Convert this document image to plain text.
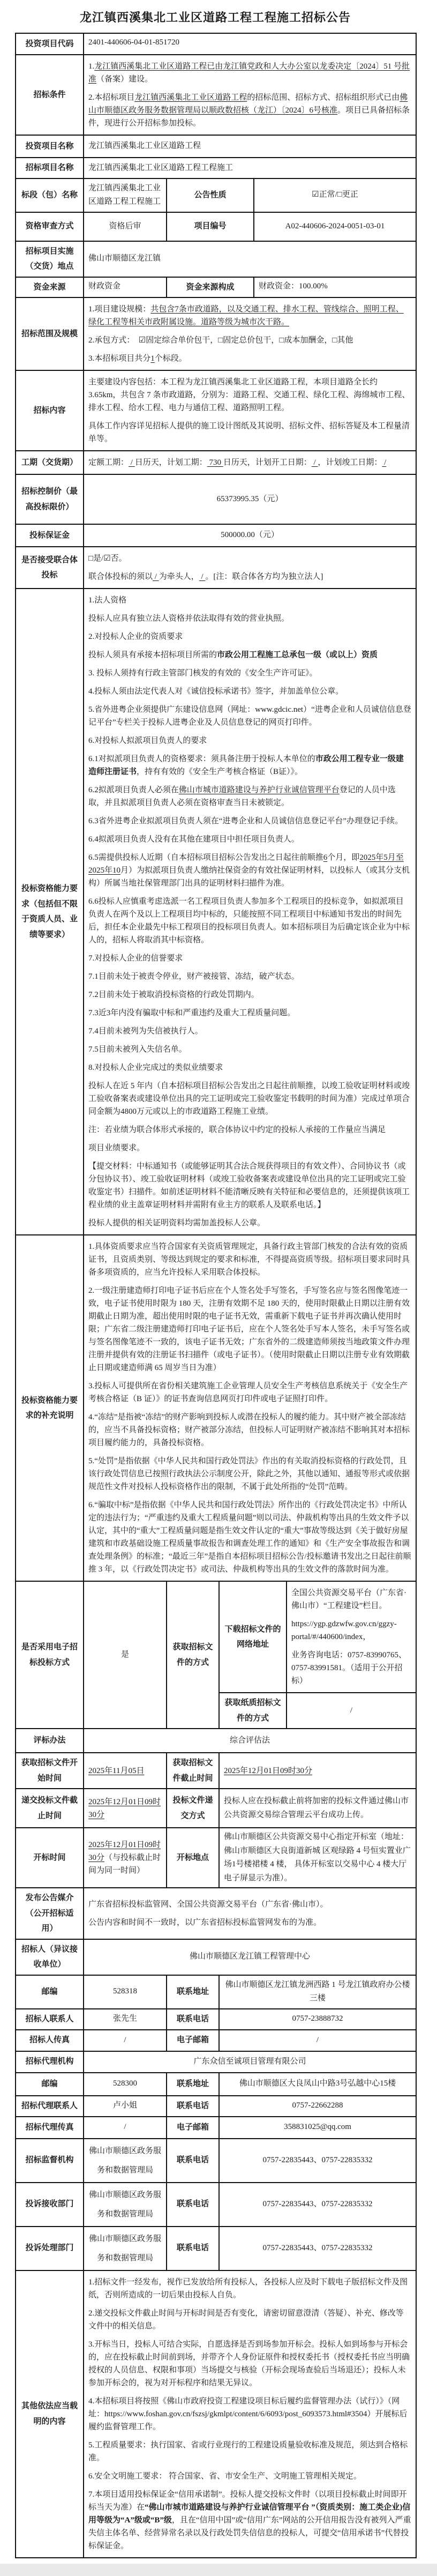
龙江镇西溪集北工业区道路工程工程施工招标公告
投资项目代码	2401-440606-04-01-851720				
招标条件	1.龙江镇西溪集北工业区道路工程已由龙江镇党政和人大办公室以龙委决定〔2024〕51 号批准（备案）建设。

2.本招标项目龙江镇西溪集北工业区道路工程的招标范围、招标方式、招标组织形式已由佛山市顺德区政务服务数据管理局以顺政数招核（龙江）〔2024〕6号核准。项目已具备招标条件，现进行公开招标参加投标。				

投资项目名称	龙江镇西溪集北工业区道路工程				
招标项目名称	龙江镇西溪集北工业区道路工程工程施工				
标段（包）名称	龙江镇西溪集北工业区道路工程工程施工	公告性质		☑正常/□更正	
资格审查方式	资格后审	项目编号		A02-440606-2024-0051-03-01	
招标项目实施（交货）地点	佛山市顺德区龙江镇				
资金来源	财政资金	资金来源构成		财政资金：100.00%	
招标范围及规模	1.项目建设规模：共包含7条市政道路，以及交通工程、排水工程、管线综合、照明工程、绿化工程等相关市政附属设施。道路等级为城市次干路。

2.承包方式：　☑固定综合单价包干，□固定总价包干，□成本加酬金，□其他

3.本招标项目共分1个标段。				

招标内容	主要建设内容包括：本工程为龙江镇西溪集北工业区道路工程，本项目道路全长约 3.65km，共包含 7 条市政道路，分别为：道路工程、交通工程、绿化工程、海绵城市工程、排水工程、给水工程、电力与通信工程、道路照明工程。

具体工作内容详见招标人提供的施工设计图纸及其说明、招标文件、招标答疑及本工程量清单等。				

工期（交货期）	定额工期： / 日历天，计划工期： 730 日历天，计划开工日期： / ，计划竣工日期： /				

招标控制价（最高投标限价）	65373995.35（元）				
投标保证金	500000.00（元）				
是否接受联合体投标	□是/☑否。

联合体投标的须以 / 为牵头人， / 。[注：联合体各方均为独立法人]				

投标资格能力要求（包括但不限于资质人员、业绩等要求）	

1.法人资格

投标人应具有独立法人资格并依法取得有效的营业执照。

2.对投标人企业的资质要求

投标人须具有承接本招标项目所需的市政公用工程施工总承包一级（或以上）资质

3. 投标人须持有行政主管部门核发的有效的《安全生产许可证》。

4.投标人须由法定代表人对《诚信投标承诺书》签字，并加盖单位公章。

5.省外进粤企业须提供广东建设信息网（网址：www.gdcic.net）“进粤企业和人员诚信信息登记平台”专栏关于投标人进粤企业及人员信息登记的网页打印件。

6.对投标人拟派项目负责人的要求

6.1对拟派项目负责人的资格要求：须具备注册于投标人本单位的市政公用工程专业一级建造师注册证书，持有有效的《安全生产考核合格证（B证）》。

6.2拟派项目负责人必须在佛山市城市道路建设与养护行业诚信管理平台登记的人员中选取，并且拟派项目负责人必须在资格审查当日未被锁定。

6.3省外进粤企业拟派项目负责人须在“进粤企业和人员诚信信息登记平台”办理登记手续。

6.4拟派项目负责人没有在其他在建项目中担任项目负责人。

6.5需提供投标人近期（自本招标项目招标公告发出之日起往前顺推6个月，即2025年5月至2025年10月）为拟派项目负责人缴纳社保资金的有效社保证明材料，以投标人（或其分支机构）所属当地社保管理部门出具的证明材料扫描件为准。

6.6投标人应慎重考虑选派一名工程项目负责人参加多个工程项目的投标竞争，如拟派项目负责人在两个及以上工程项目均中标的，只能按照不同工程项目中标通知书发出的时间先后，担任本企业最先中标工程项目的投标项目负责人。如本招标项目为后确定该企业为中标人的，招标人将取消其中标资格。

7.对投标人企业的信誉要求

7.1目前未处于被责令停业，财产被接管、冻结，破产状态。

7.2目前未处于被取消投标资格的行政处罚期内。

7.3近3年内没有骗取中标和严重违约及重大工程质量问题。

7.4目前未被列为失信被执行人。

7.5目前未被列入失信名单。

8.对投标人企业完成过的类似业绩要求

投标人在近 5 年内（自本招标项目招标公告发出之日起往前顺推，以竣工验收证明材料或竣工验收备案表或建设单位出具的完工证明或完工验收鉴定书载明的时间为准）完成过单项合同金额为4800万元或以上的市政道路工程施工业绩。

注：若业绩为联合体形式承接的，联合体协议中约定的投标人承接的工作量应当满足

项目业绩要求。

【提交材料：中标通知书（或能够证明其合法合规获得项目的有效文件）、合同协议书（或分包协议书）、竣工验收证明材料（或竣工验收备案表或建设单位出具的完工证明或完工验收鉴定书）扫描件。如前述证明材料不能清晰反映有关特征和必要信息的，还须提供该项工程业绩的业主盖章证明材料并需附有业主方的联系人及联系电话。】

投标人提供的相关证明资料均需加盖投标人公章。

投标资格能力要求的补充说明	

1.具体资质要求应当符合国家有关资质管理规定，具备行政主管部门核发的合法有效的资质证书，且资质类别、等级达到规定的要求和标准，不得提高资质等级。招标项目要求同时具备多项资质的，应当允许投标人采用联合体投标。

2.一级注册建造师打印电子证书后应在个人签名处手写签名，手写签名应与签名图像笔迹一致，电子证书使用时限为 180 天，注册有效期不足 180 天的，使用时限截止日期以注册有效期截止日期为准，超出使用时限的电子证书无效，需重新下载电子证书并再次确认使用时限；广东省二级注册建造师打印电子证书后，应在个人签名处手写本人签名，未手写签名或与签名图像笔迹不一致的，该电子证书无效；广东省外的二级建造师须按当地政策文件办理注册并提供有效的注册证书扫描件（或电子证书）。（使用时限截止日期以注册专业有效期截止日期或建造师满 65 周岁当日为准）

3.投标人可提供所在省份相关建筑施工企业管理人员安全生产考核信息系统关于《安全生产考核合格证（B 证）》的证书查询信息网页打印件或电子证照打印件。

4.“冻结”是指被“冻结”的财产影响到投标人或潜在投标人的履约能力。其中财产被全部冻结的，应当不具备投标资格；财产被部分冻结，但投标人可证明财产被冻结不影响其对本招标项目履约能力的，具备投标资格。

5.“处罚”是指依据《中华人民共和国行政处罚法》作出的有关取消投标资格的行政处罚，且该行政处罚信息已按照行政执法公示制度公开，除此之外，其他以通知、通报等形式或依据规范性文件对投标人投标资格作出的限制，不属于此处所指的“处罚”范畴。

6.“骗取中标”是指依据《中华人民共和国行政处罚法》所作出的《行政处罚决定书》中所认定的违法行为；“严重违约及重大工程质量问题”则以司法、仲裁机构等出具的生效文件予以认定，其中的“重大”工程质量问题是指生效文件认定的“重大”事故等级达到《关于做好房屋建筑和市政基础设施工程质量事故报告和调查处理工作的通知》和《生产安全事故报告和调查处理条例》的标准；“最近三年”是指自本招标项目招标公告/投标邀请书发出之日起往前顺推 3 年，以《行政处罚决定书》或司法、仲裁机构等出具的生效文件的落款时间为准。

是否采用电子招标投标方式	是	获取招标文件的方式	下载招标文件的网络地址		全国公共资源交易平台（广东省·佛山市）“工程建设”栏目。

https://ygp.gdzwfw.gov.cn/ggzy-portal/#/440600/index，

业务咨询电话：0757-83990765、0757-83991581。（适用于公开招标）

			获取纸质招标文件的方式		/
评标办法	综合评估法				
获取招标文件开始时间	2025年11月05日	获取招标文件截止时间	2025年12月01日09时30分		

递交投标文件截止时间	2025年12月01日09时30分	投标文件递交方式	投标人应在投标截止前将加密的投标文件通过佛山市公共资源交易综合管理云平台成功上传。		
开标时间	2025年12月01日09时30分（与投标截止时间为同一时间）	开标地点	佛山市顺德区公共资源交易中心指定开标室（地址：佛山市顺德区大良街道新城 区观绿路 4 号恒实置业广场1号楼裙楼 4 楼， 具体开标室以交易中心 4 楼大厅电子屏显示为准）。		
发布公告媒介（公开招标适用）	广东省招标投标监管网、全国公共资源交易平台（广东省·佛山市）。

公告内容和时间不一致时，以广东省招标投标监管网发布的为准。				

招标人（异议接收单位）	佛山市顺德区龙江镇工程管理中心				
邮编	528318	联系地址	佛山市顺德区龙江镇龙洲西路 1 号龙江镇政府办公楼三楼		
招标人联系人	张先生	联系电话	0757-23888732		
招标人传真	/	电子邮箱	/		
招标代理机构	广东众信至诚项目管理有限公司				
邮编	528300	联系地址	佛山市顺德区大良凤山中路3号弘越中心15楼		
招标代理联系人	卢小姐	联系电话	0757-22662288		
招标代理传真	/	电子邮箱	358831025@qq.com		
招标监督机构	佛山市顺德区政务服务和数据管理局	联系电话	0757-22835443、0757-22835332		
投诉接收部门	佛山市顺德区政务服务和数据管理局	联系电话	0757-22835443、0757-22835332		
投诉处理部门	佛山市顺德区政务服务和数据管理局	联系电话	0757-22835443、0757-22835332		
其他依法应当载明的内容	

1.招标文件一经发布，视作已发放给所有投标人，各投标人应及时下载电子版招标文件及图纸，否则所造成的一切后果由投标人自负。

2.递交投标文件截止时间与开标时间是否有变化，请密切留意澄清（答疑）、补充、修改等文件中的相关信息。

3.开标当日，投标人可结合实际，自愿选择是否到场参加开标会。投标人如到场参与开标会的，应在投标截止时间前到场，并带齐个人身份证原件和授权委托书（授权委托书应当明确授权的人员信息、权限和事项）当场提交与核验（开标会现场查验后当场退还）；投标人未参加开标会的，视为对开标程序和结果无异议。

4.本招标项目将按照《佛山市政府投资工程建设项目标后履约监督管理办法（试行）》（网址：https://www.foshan.gov.cn/fszsj/gkmlpt/content/6/6093/post_6093573.html#3504）开展标后履约监督管理工作。

5.工程质量要求：执行国家、省或行业现行的工程建设质量验收标准及规范，须达到合格标准。

6.安全文明施工要求： 符合国家、省、市安全生产、文明施工管理相关规定。

7.本项目适用投标保证金“信用承诺制”。投标人提交投标文件时（以项目投标截止时间即开标当天为准）在“佛山市城市道路建设与养护行业诚信管理平台 ”（资质类别：施工类企业)信用等级为“A”级或“B”级，且在“信用中国”或“信用广东”网站的公开信用报告没有被列入严重失信主体名单、经营异常名录以及行政处罚失信信息的投标人，可提交“信用承诺书”代替投标保证金。
